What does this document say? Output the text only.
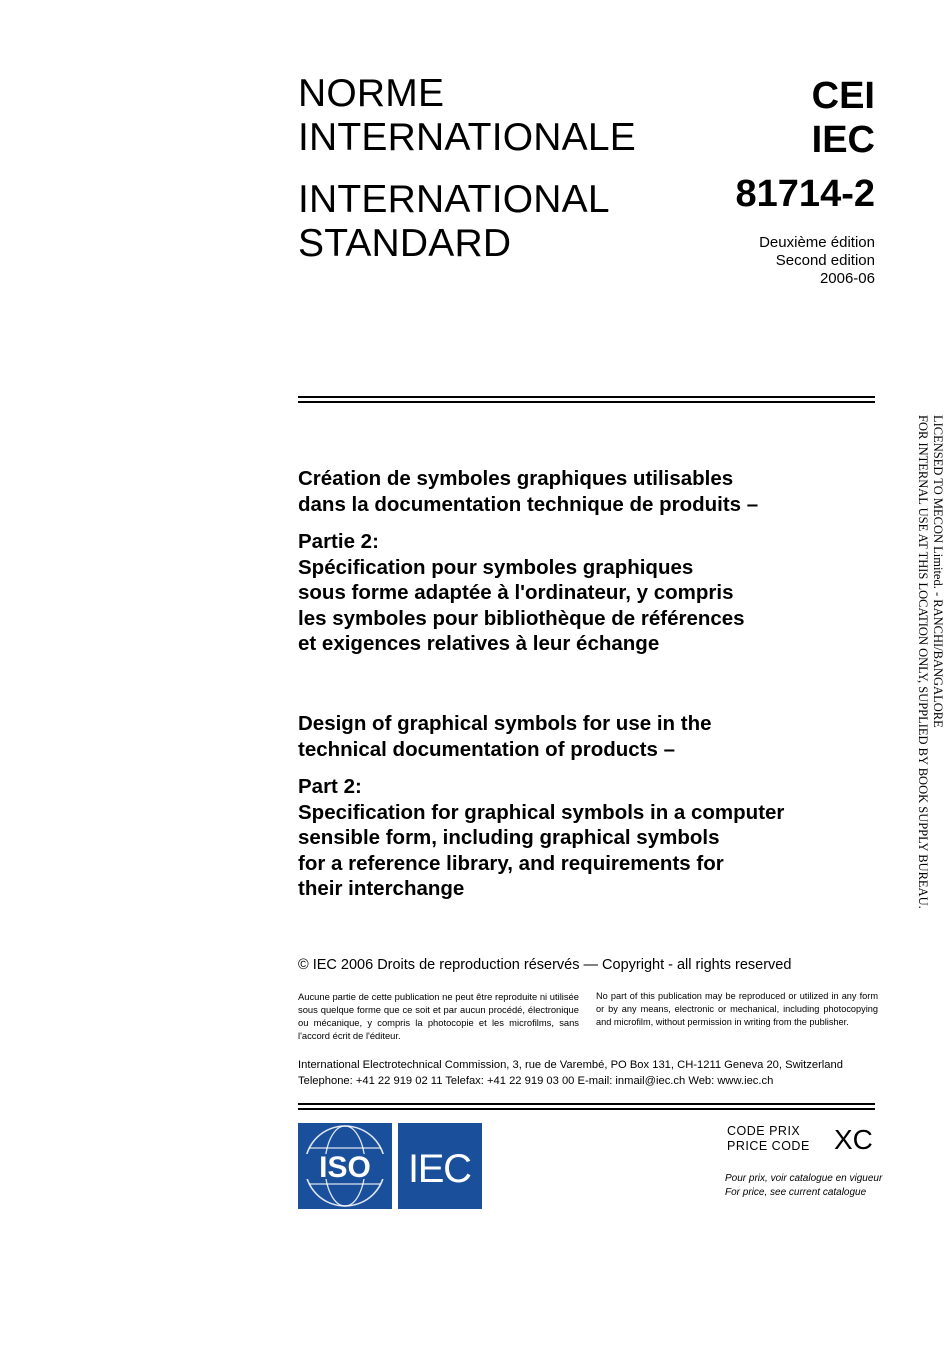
NORME
INTERNATIONALE
INTERNATIONAL
STANDARD
CEI
IEC
81714-2
Deuxième édition
Second edition
2006-06
Création de symboles graphiques utilisables
dans la documentation technique de produits –
Partie 2:
Spécification pour symboles graphiques
sous forme adaptée à l'ordinateur, y compris
les symboles pour bibliothèque de références
et exigences relatives à leur échange
Design of graphical symbols for use in the
technical documentation of products –
Part 2:
Specification for graphical symbols in a computer
sensible form, including graphical symbols
for a reference library, and requirements for
their interchange
LICENSED TO MECON Limited. - RANCHI/BANGALORE
FOR INTERNAL USE AT THIS LOCATION ONLY, SUPPLIED BY BOOK SUPPLY BUREAU.
© IEC 2006 Droits de reproduction réservés — Copyright - all rights reserved
Aucune partie de cette publication ne peut être reproduite ni utilisée sous quelque forme que ce soit et par aucun procédé, électronique ou mécanique, y compris la photocopie et les microfilms, sans l'accord écrit de l'éditeur.
No part of this publication may be reproduced or utilized in any form or by any means, electronic or mechanical, including photocopying and microfilm, without permission in writing from the publisher.
International Electrotechnical Commission, 3, rue de Varembé, PO Box 131, CH-1211 Geneva 20, Switzerland
Telephone: +41 22 919 02 11 Telefax: +41 22 919 03 00 E-mail: inmail@iec.ch Web: www.iec.ch
ISO IEC
CODE PRIX
PRICE CODE XC
Pour prix, voir catalogue en vigueur
For price, see current catalogue
